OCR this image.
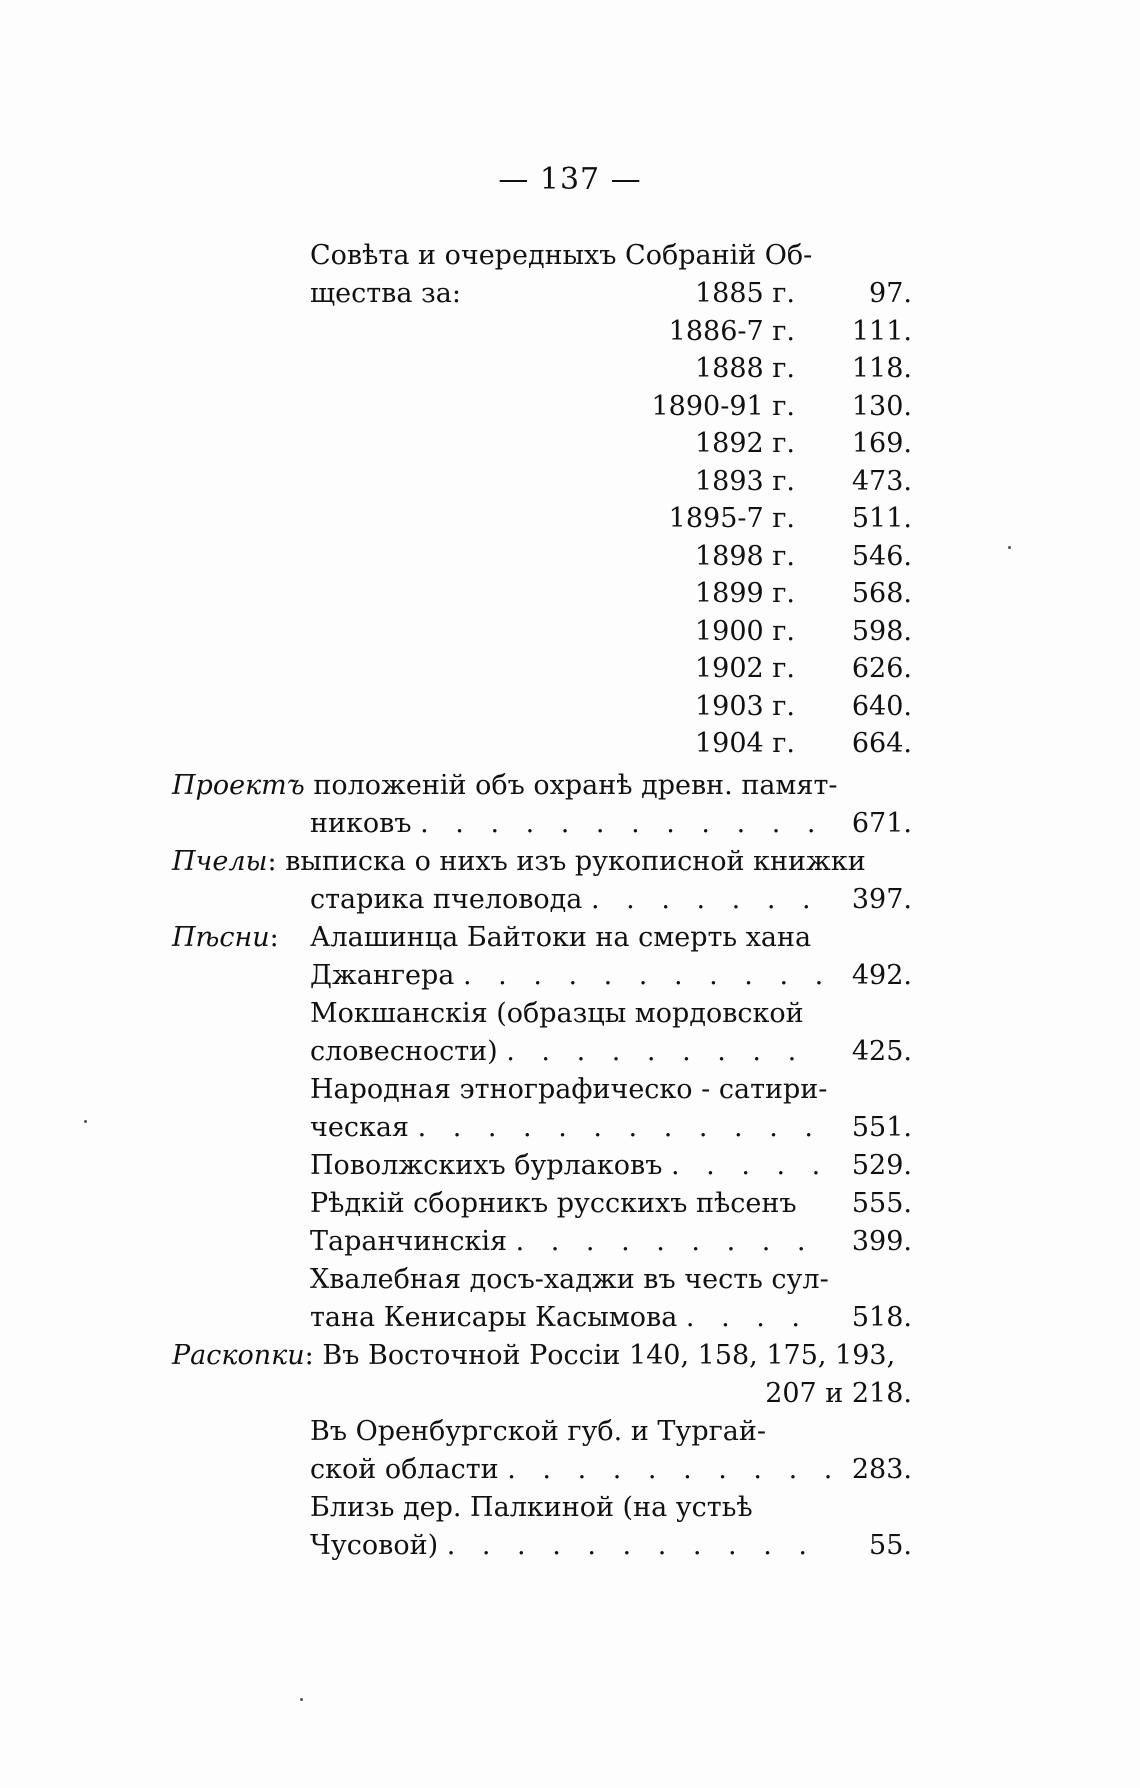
— 137 —
Совѣта и очередныхъ Собраній Об-
щества за:	1885 г.	97.
1886-7 г.	111.
1888 г.	118.
1890-91 г.	130.
1892 г.	169.
1893 г.	473.
1895-7 г.	511.
1898 г.	546.
1899 г.	568.
1900 г.	598.
1902 г.	626.
1903 г.	640.
1904 г.	664.
Проектъ положеній объ охранѣ древн. памят-
никовъ . . . . . . . . . . . .	671.
Пчелы: выписка о нихъ изъ рукописной книжки
старика пчеловода . . . . . . .	397.
Пѣсни: Алашинца Байтоки на смерть хана
Джангера . . . . . . . . . . . 492.
Мокшанскія (образцы мордовской
словесности) . . . . . . . . .	425.
Народная этнографическо - сатири-
ческая . . . . . . . . . . . .	551.
Поволжскихъ бурлаковъ . . . . . 529.
Рѣдкій сборникъ русскихъ пѣсенъ	555.
Таранчинскія . . . . . . . . .	399.
Хвалебная досъ-хаджи въ честь сул-
тана Кенисары Касымова . . . .	518.
Раскопки: Въ Восточной Россіи 140, 158, 175, 193,
207 и 218.
Въ Оренбургской губ. и Тургай-
ской области . . . . . . . . . . 283.
Близь дер. Палкиной (на устьѣ
Чусовой) . . . . . . . . . . .	55.
